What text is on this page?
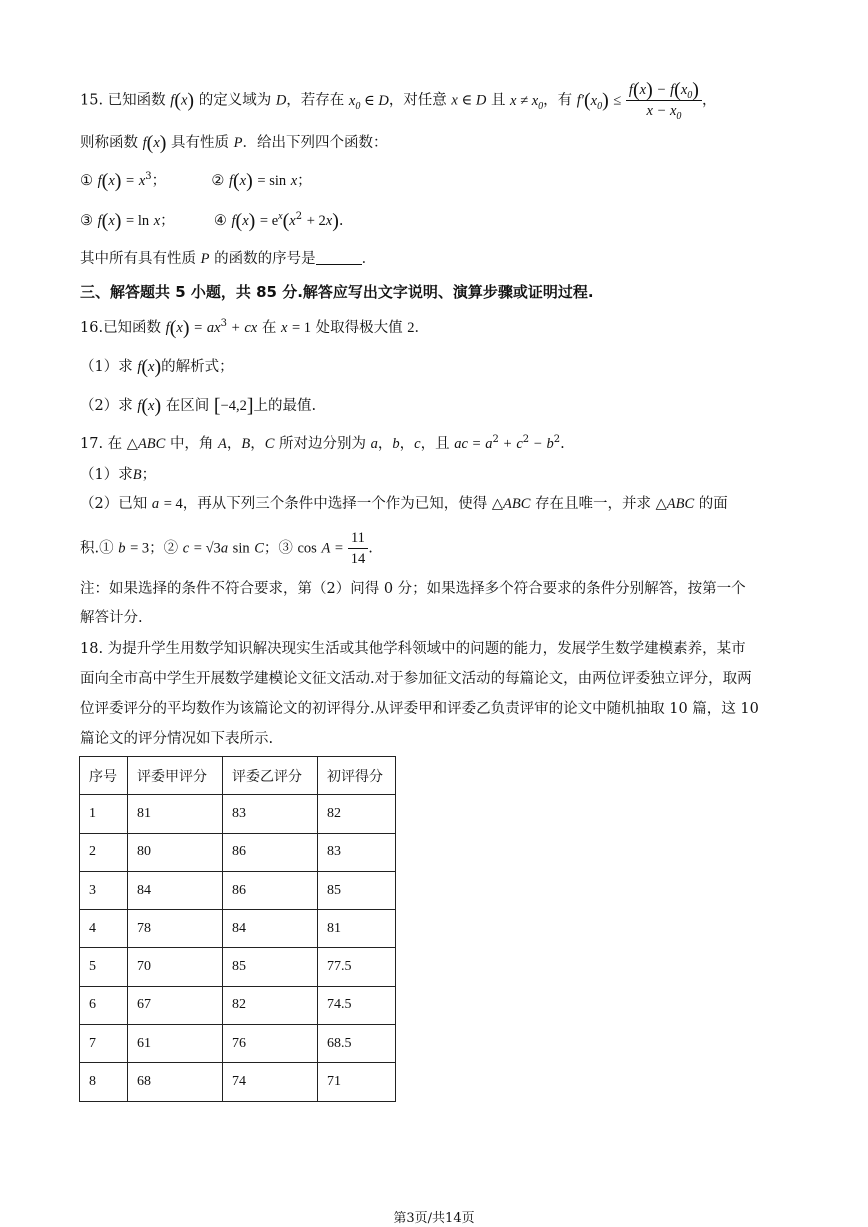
15. 已知函数 f(x) 的定义域为 D，若存在 $x_0$ ∈ D，对任意 x ∈ D 且 $x \ne x_0$，有 $f'(x_0) \le \frac{f(x) - f(x_0)}{x - x_0}$ ，
则称函数 f(x) 具有性质 P．给出下列四个函数：
① $f(x) = x^3$；	② f(x) = sin x；
③ f(x) = ln x；  ④ $f(x) = e^x(x^2 + 2x)$.
其中所有具有性质 P 的函数的序号是	．
三、解答题共 5 小题，共 85 分.解答应写出文字说明、演算步骤或证明过程.
16.已知函数 $f(x) = ax^3$ + cx 在 x = 1 处取得极大值 2．
（1）求 f(x)的解析式；
（2）求 f(x) 在区间 [−4,2]上的最值.
17. 在 △ABC 中，角 A，B，C 所对边分别为 a，b，c，且 ac = $a^2 + c^2 - b^2$.
（1）求B；
（2）已知 a = 4，再从下列三个条件中选择一个作为已知，使得 △ABC 存在且唯一，并求 △ABC 的面
积.① b = 3；② c = √3a sin C；③ $\cos A = \frac{11}{14}$ .
注：如果选择的条件不符合要求，第（2）问得 0 分；如果选择多个符合要求的条件分别解答，按第一个
解答计分.
18. 为提升学生用数学知识解决现实生活或其他学科领域中的问题的能力，发展学生数学建模素养，某市
面向全市高中学生开展数学建模论文征文活动.对于参加征文活动的每篇论文，由两位评委独立评分，取两
位评委评分的平均数作为该篇论文的初评得分.从评委甲和评委乙负责评审的论文中随机抽取 10 篇，这 10
篇论文的评分情况如下表所示.
序号	评委甲评分	评委乙评分	初评得分
1	81	83	82
2	80	86	83
3	84	86	85
4	78	84	81
5	70	85	77.5
6	67	82	74.5
7	61	76	68.5
8	68	74	71
第3页/共14页
